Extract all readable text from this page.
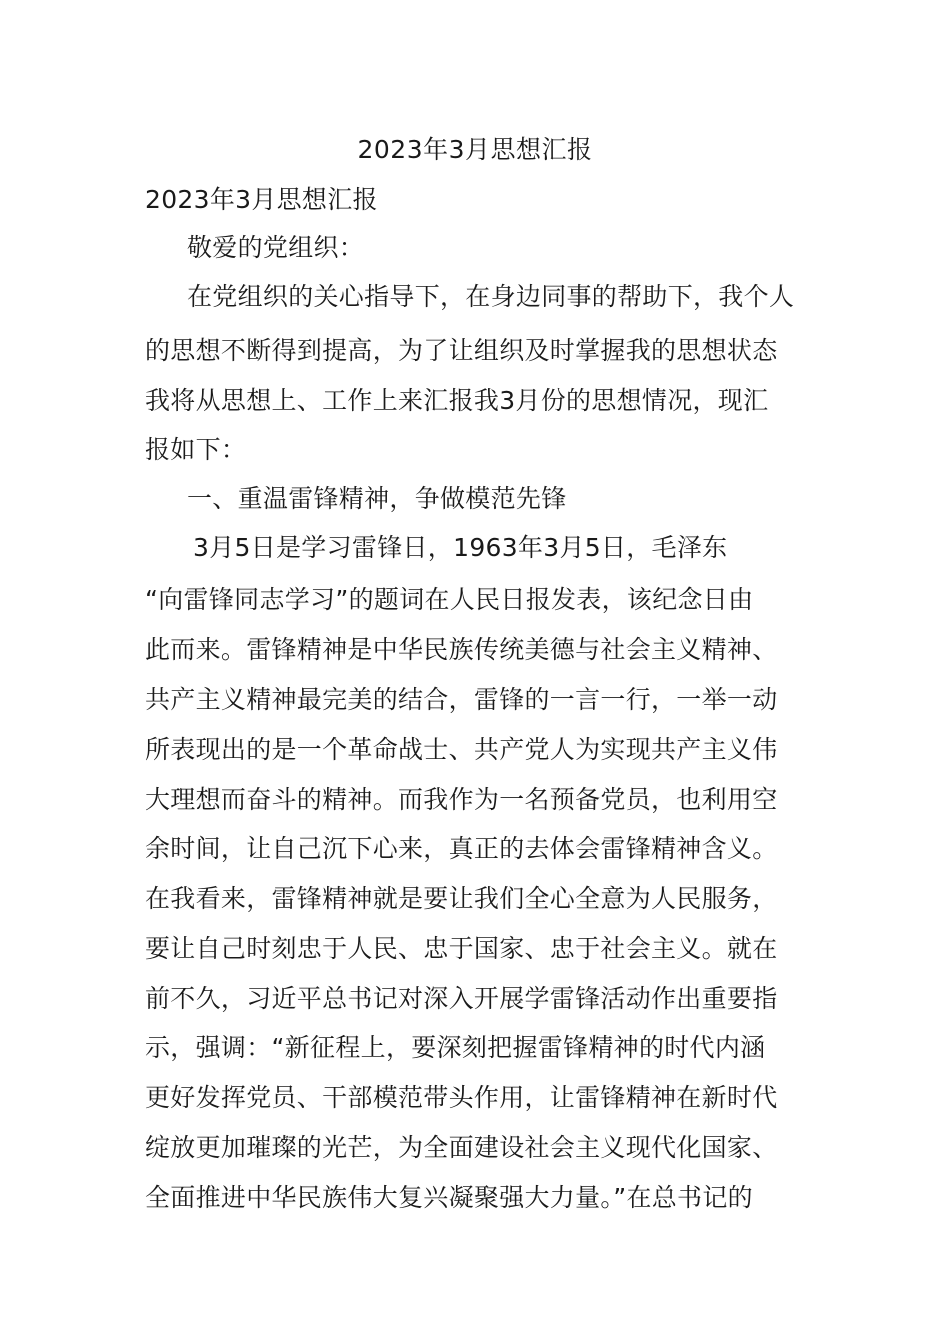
2023年3月思想汇报
2023年3月思想汇报
敬爱的党组织：
在党组织的关心指导下，在身边同事的帮助下，我个人
的思想不断得到提高，为了让组织及时掌握我的思想状态
我将从思想上、工作上来汇报我3月份的思想情况，现汇
报如下：
一、重温雷锋精神，争做模范先锋
3月5日是学习雷锋日，1963年3月5日，毛泽东
“向雷锋同志学习”的题词在人民日报发表，该纪念日由
此而来。雷锋精神是中华民族传统美德与社会主义精神、
共产主义精神最完美的结合，雷锋的一言一行，一举一动
所表现出的是一个革命战士、共产党人为实现共产主义伟
大理想而奋斗的精神。而我作为一名预备党员，也利用空
余时间，让自己沉下心来，真正的去体会雷锋精神含义。
在我看来，雷锋精神就是要让我们全心全意为人民服务，
要让自己时刻忠于人民、忠于国家、忠于社会主义。就在
前不久，习近平总书记对深入开展学雷锋活动作出重要指
示，强调：“新征程上，要深刻把握雷锋精神的时代内涵
更好发挥党员、干部模范带头作用，让雷锋精神在新时代
绽放更加璀璨的光芒，为全面建设社会主义现代化国家、
全面推进中华民族伟大复兴凝聚强大力量。”在总书记的
